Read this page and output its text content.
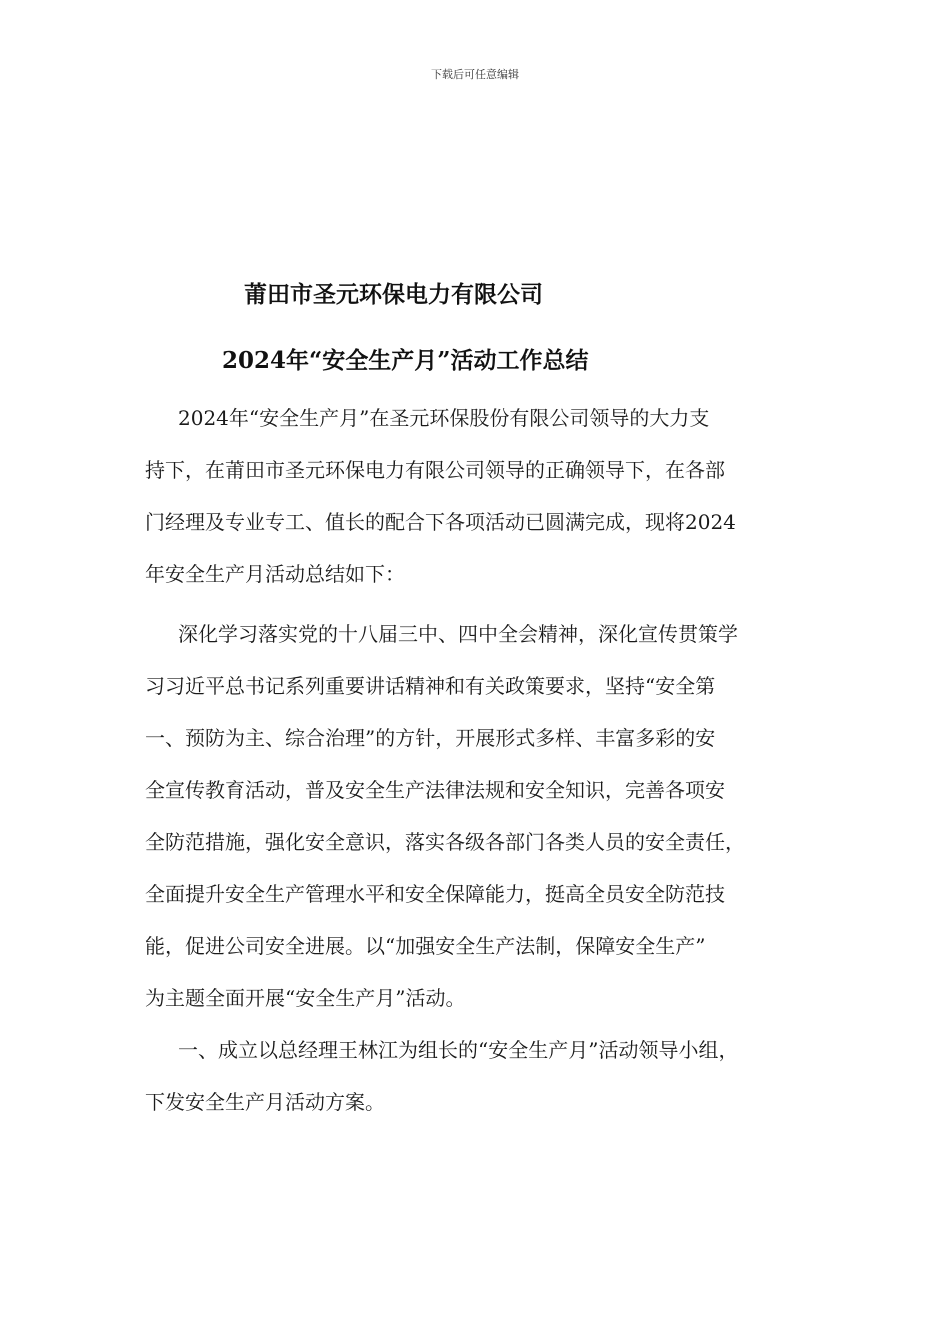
下载后可任意编辑
莆田市圣元环保电力有限公司
2024年“安全生产月”活动工作总结
2024年“安全生产月”在圣元环保股份有限公司领导的大力支
持下，在莆田市圣元环保电力有限公司领导的正确领导下，在各部
门经理及专业专工、值长的配合下各项活动已圆满完成，现将2024
年安全生产月活动总结如下：
深化学习落实党的十八届三中、四中全会精神，深化宣传贯策学
习习近平总书记系列重要讲话精神和有关政策要求，坚持“安全第
一、预防为主、综合治理”的方针，开展形式多样、丰富多彩的安
全宣传教育活动，普及安全生产法律法规和安全知识，完善各项安
全防范措施，强化安全意识，落实各级各部门各类人员的安全责任，
全面提升安全生产管理水平和安全保障能力，挺高全员安全防范技
能，促进公司安全进展。以“加强安全生产法制，保障安全生产”
为主题全面开展“安全生产月”活动。
一、成立以总经理王林江为组长的“安全生产月”活动领导小组，
下发安全生产月活动方案。
